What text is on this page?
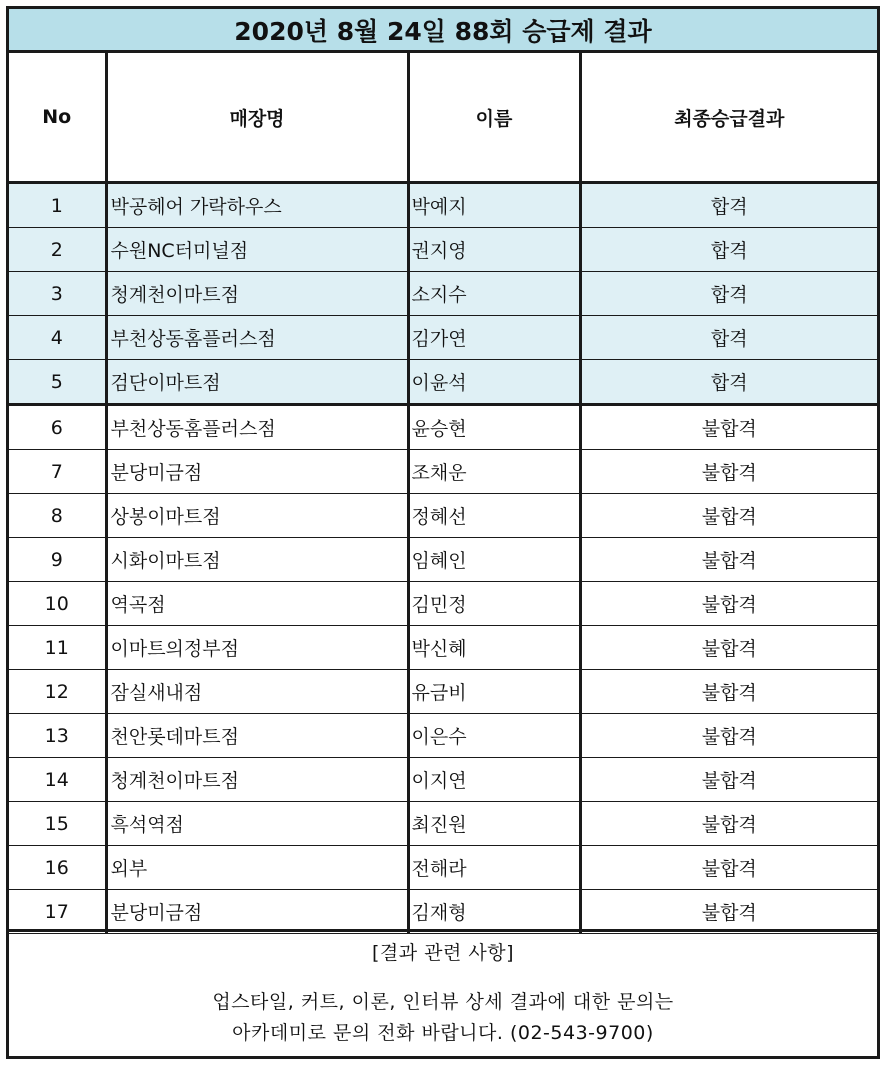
2020년 8월 24일 88회 승급제 결과
No	매장명	이름	최종승급결과
1	박공헤어 가락하우스	박예지	합격
2	수원NC터미널점	권지영	합격
3	청계천이마트점	소지수	합격
4	부천상동홈플러스점	김가연	합격
5	검단이마트점	이윤석	합격
6	부천상동홈플러스점	윤승현	불합격
7	분당미금점	조채운	불합격
8	상봉이마트점	정혜선	불합격
9	시화이마트점	임혜인	불합격
10	역곡점	김민정	불합격
11	이마트의정부점	박신혜	불합격
12	잠실새내점	유금비	불합격
13	천안롯데마트점	이은수	불합격
14	청계천이마트점	이지연	불합격
15	흑석역점	최진원	불합격
16	외부	전해라	불합격
17	분당미금점	김재형	불합격
[결과 관련 사항]
업스타일, 커트, 이론, 인터뷰 상세 결과에 대한 문의는
아카데미로 문의 전화 바랍니다. (02-543-9700)
